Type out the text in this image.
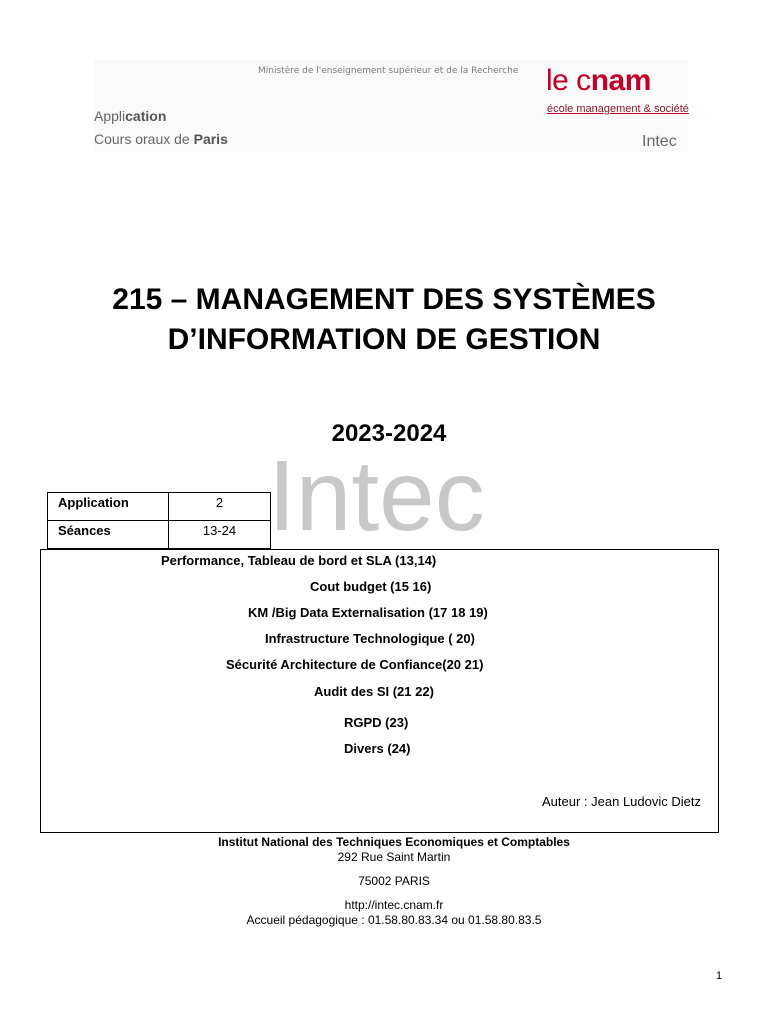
Ministère de l'enseignement supérieur et de la Recherche
Application
Cours oraux de Paris
le cnam
école management & société
Intec
Intec
215 – MANAGEMENT DES SYSTÈMES
D’INFORMATION DE GESTION
2023-2024
Application	2
Séances	13-24
Performance, Tableau de bord et SLA (13,14)
Cout budget (15 16)
KM /Big Data Externalisation (17 18 19)
Infrastructure Technologique ( 20)
Sécurité Architecture de Confiance(20 21)
Audit des SI (21 22)
RGPD (23)
Divers (24)
Auteur : Jean Ludovic Dietz
Institut National des Techniques Economiques et Comptables
292 Rue Saint Martin
75002 PARIS
http://intec.cnam.fr
Accueil pédagogique : 01.58.80.83.34 ou 01.58.80.83.5
1
